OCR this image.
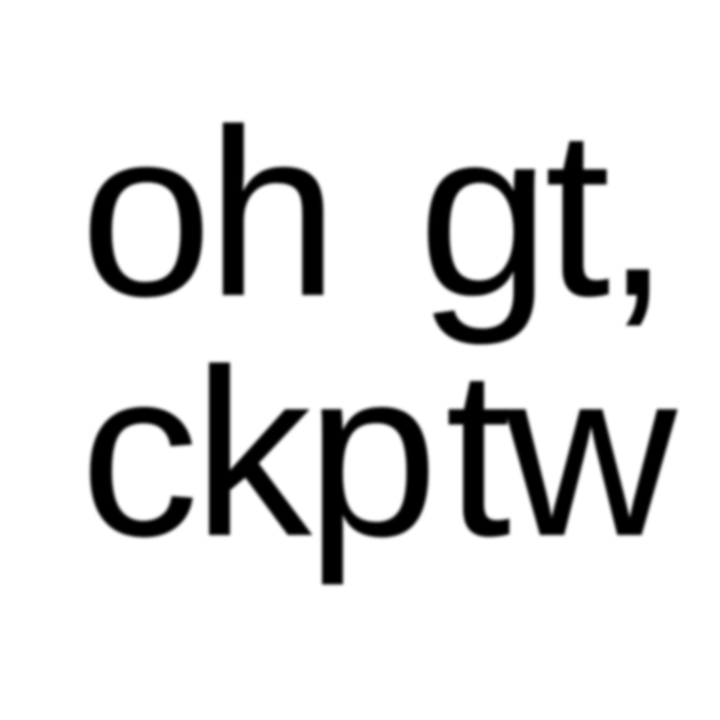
oh gt,
ckp tw
